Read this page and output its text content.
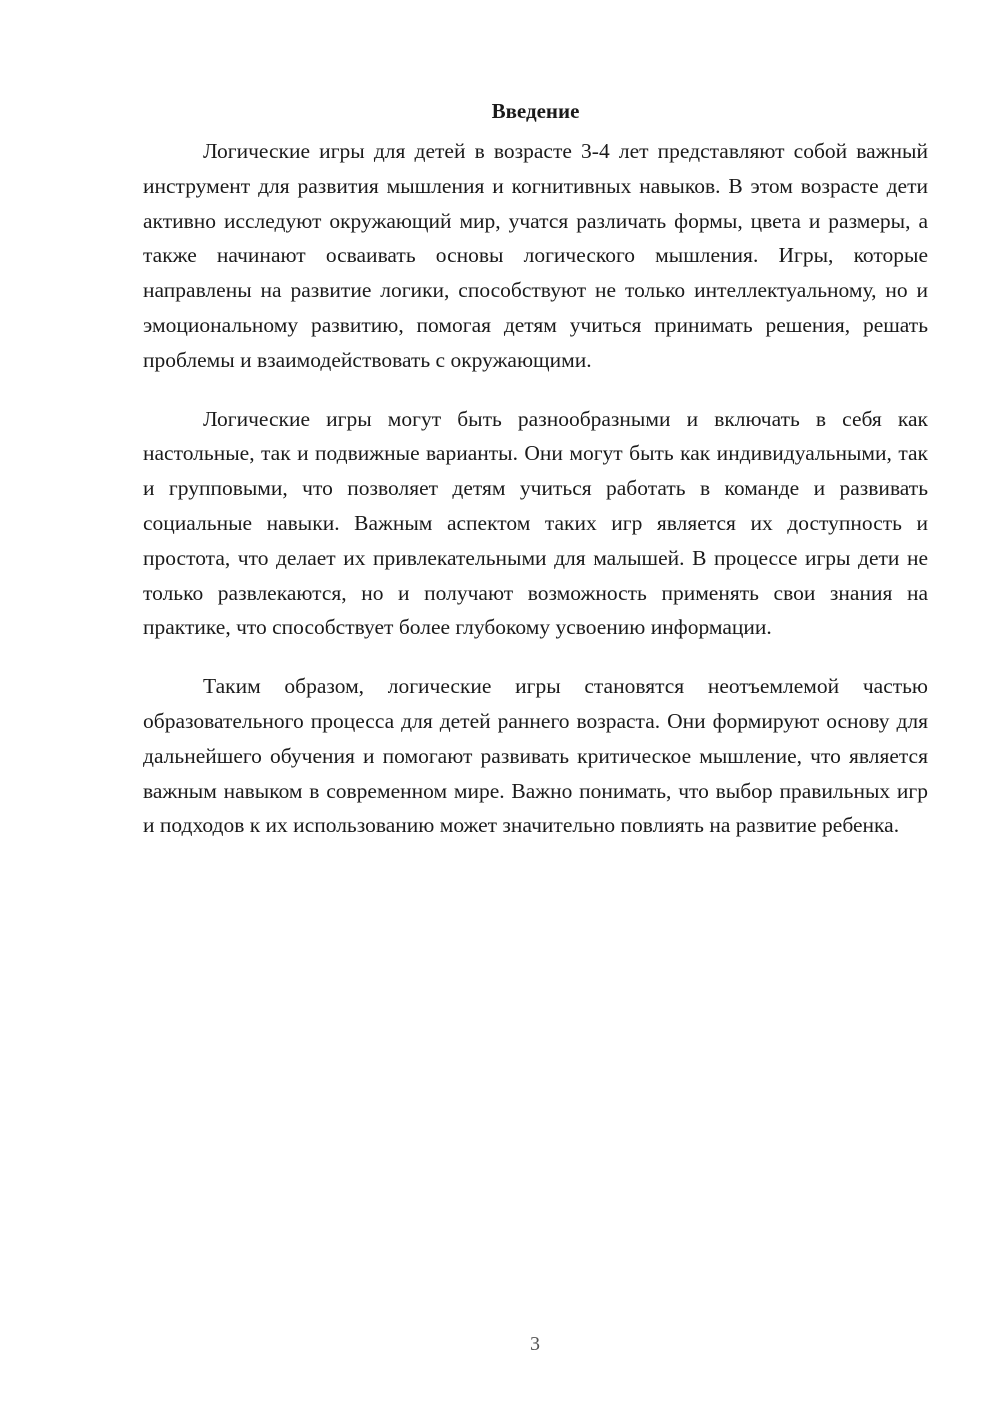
Введение

Логические игры для детей в возрасте 3-4 лет представляют собой важный инструмент для развития мышления и когнитивных навыков. В этом возрасте дети активно исследуют окружающий мир, учатся различать формы, цвета и размеры, а также начинают осваивать основы логического мышления. Игры, которые направлены на развитие логики, способствуют не только интеллектуальному, но и эмоциональному развитию, помогая детям учиться принимать решения, решать проблемы и взаимодействовать с окружающими.

Логические игры могут быть разнообразными и включать в себя как настольные, так и подвижные варианты. Они могут быть как индивидуальными, так и групповыми, что позволяет детям учиться работать в команде и развивать социальные навыки. Важным аспектом таких игр является их доступность и простота, что делает их привлекательными для малышей. В процессе игры дети не только развлекаются, но и получают возможность применять свои знания на практике, что способствует более глубокому усвоению информации.

Таким образом, логические игры становятся неотъемлемой частью образовательного процесса для детей раннего возраста. Они формируют основу для дальнейшего обучения и помогают развивать критическое мышление, что является важным навыком в современном мире. Важно понимать, что выбор правильных игр и подходов к их использованию может значительно повлиять на развитие ребенка.

3
